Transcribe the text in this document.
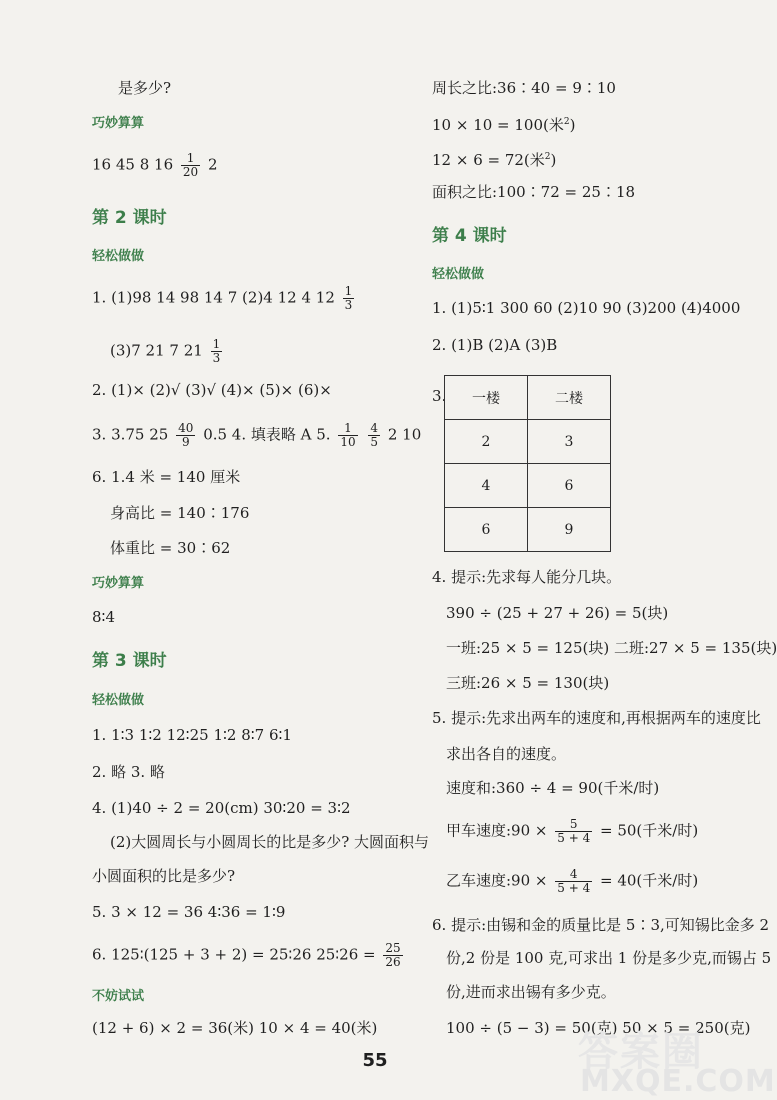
是多少?
巧妙算算
16 45 8 $16 \frac{1}{20} 2$
第 2 课时
轻松做做
1. (1)98 14 98 14 7 (2)4 12 4 $12 \frac{1}{3}$
(3)7 21 7 $21 \frac{1}{3}$
2. (1)× (2)√ (3)√ (4)× (5)× (6)×
3. 3.75 $25 \frac{40}{9} 0.5$ 4. 填表略 A 5. $\frac{1}{10}$
$\frac{4}{5} 2$ 10
6. 1.4 米 = 140 厘米
身高比 = 140∶176
体重比 = 30∶62
巧妙算算
8∶4
第 3 课时
轻松做做
1. 1∶3 1∶2 12∶25 1∶2 8∶7 6∶1
2. 略 3. 略
4. (1)40 ÷ 2 = 20(cm) 30∶20 = 3∶2
(2)大圆周长与小圆周长的比是多少? 大圆面积与
小圆面积的比是多少?
5. 3 × 12 = 36 4∶36 = 1∶9
6. 125∶(125 + 3 + 2) = 25∶26 25∶26 = $\frac{25}{26}$
不妨试试
(12 + 6) × 2 = 36(米) 10 × 4 = 40(米)
周长之比:36∶40 = 9∶10
10 × 10 = 100(米$^2$)
12 × 6 = 72(米$^2$)
面积之比:100∶72 = 25∶18
第 4 课时
轻松做做
1. (1)5∶1 300 60 (2)10 90 (3)200 (4)4000
2. (1)B (2)A (3)B
3. 一楼	二楼
2	3
4	6
6	9
4. 提示:先求每人能分几块。
390 ÷ (25 + 27 + 26) = 5(块)
一班:25 × 5 = 125(块) 二班:27 × 5 = 135(块)
三班:26 × 5 = 130(块)
5. 提示:先求出两车的速度和,再根据两车的速度比
求出各自的速度。
速度和:360 ÷ 4 = 90(千米/时)
甲车速度:90 × $\frac{5}{5 + 4} = 50$(千米/时)
乙车速度:90 × $\frac{4}{5 + 4} = 40$(千米/时)
6. 提示:由锡和金的质量比是 5∶3,可知锡比金多 2
份,2 份是 100 克,可求出 1 份是多少克,而锡占 5
份,进而求出锡有多少克。
100 ÷ (5 − 3) = 50(克) 50 × 5 = 250(克)
55	答案圈
MXQE.COM
